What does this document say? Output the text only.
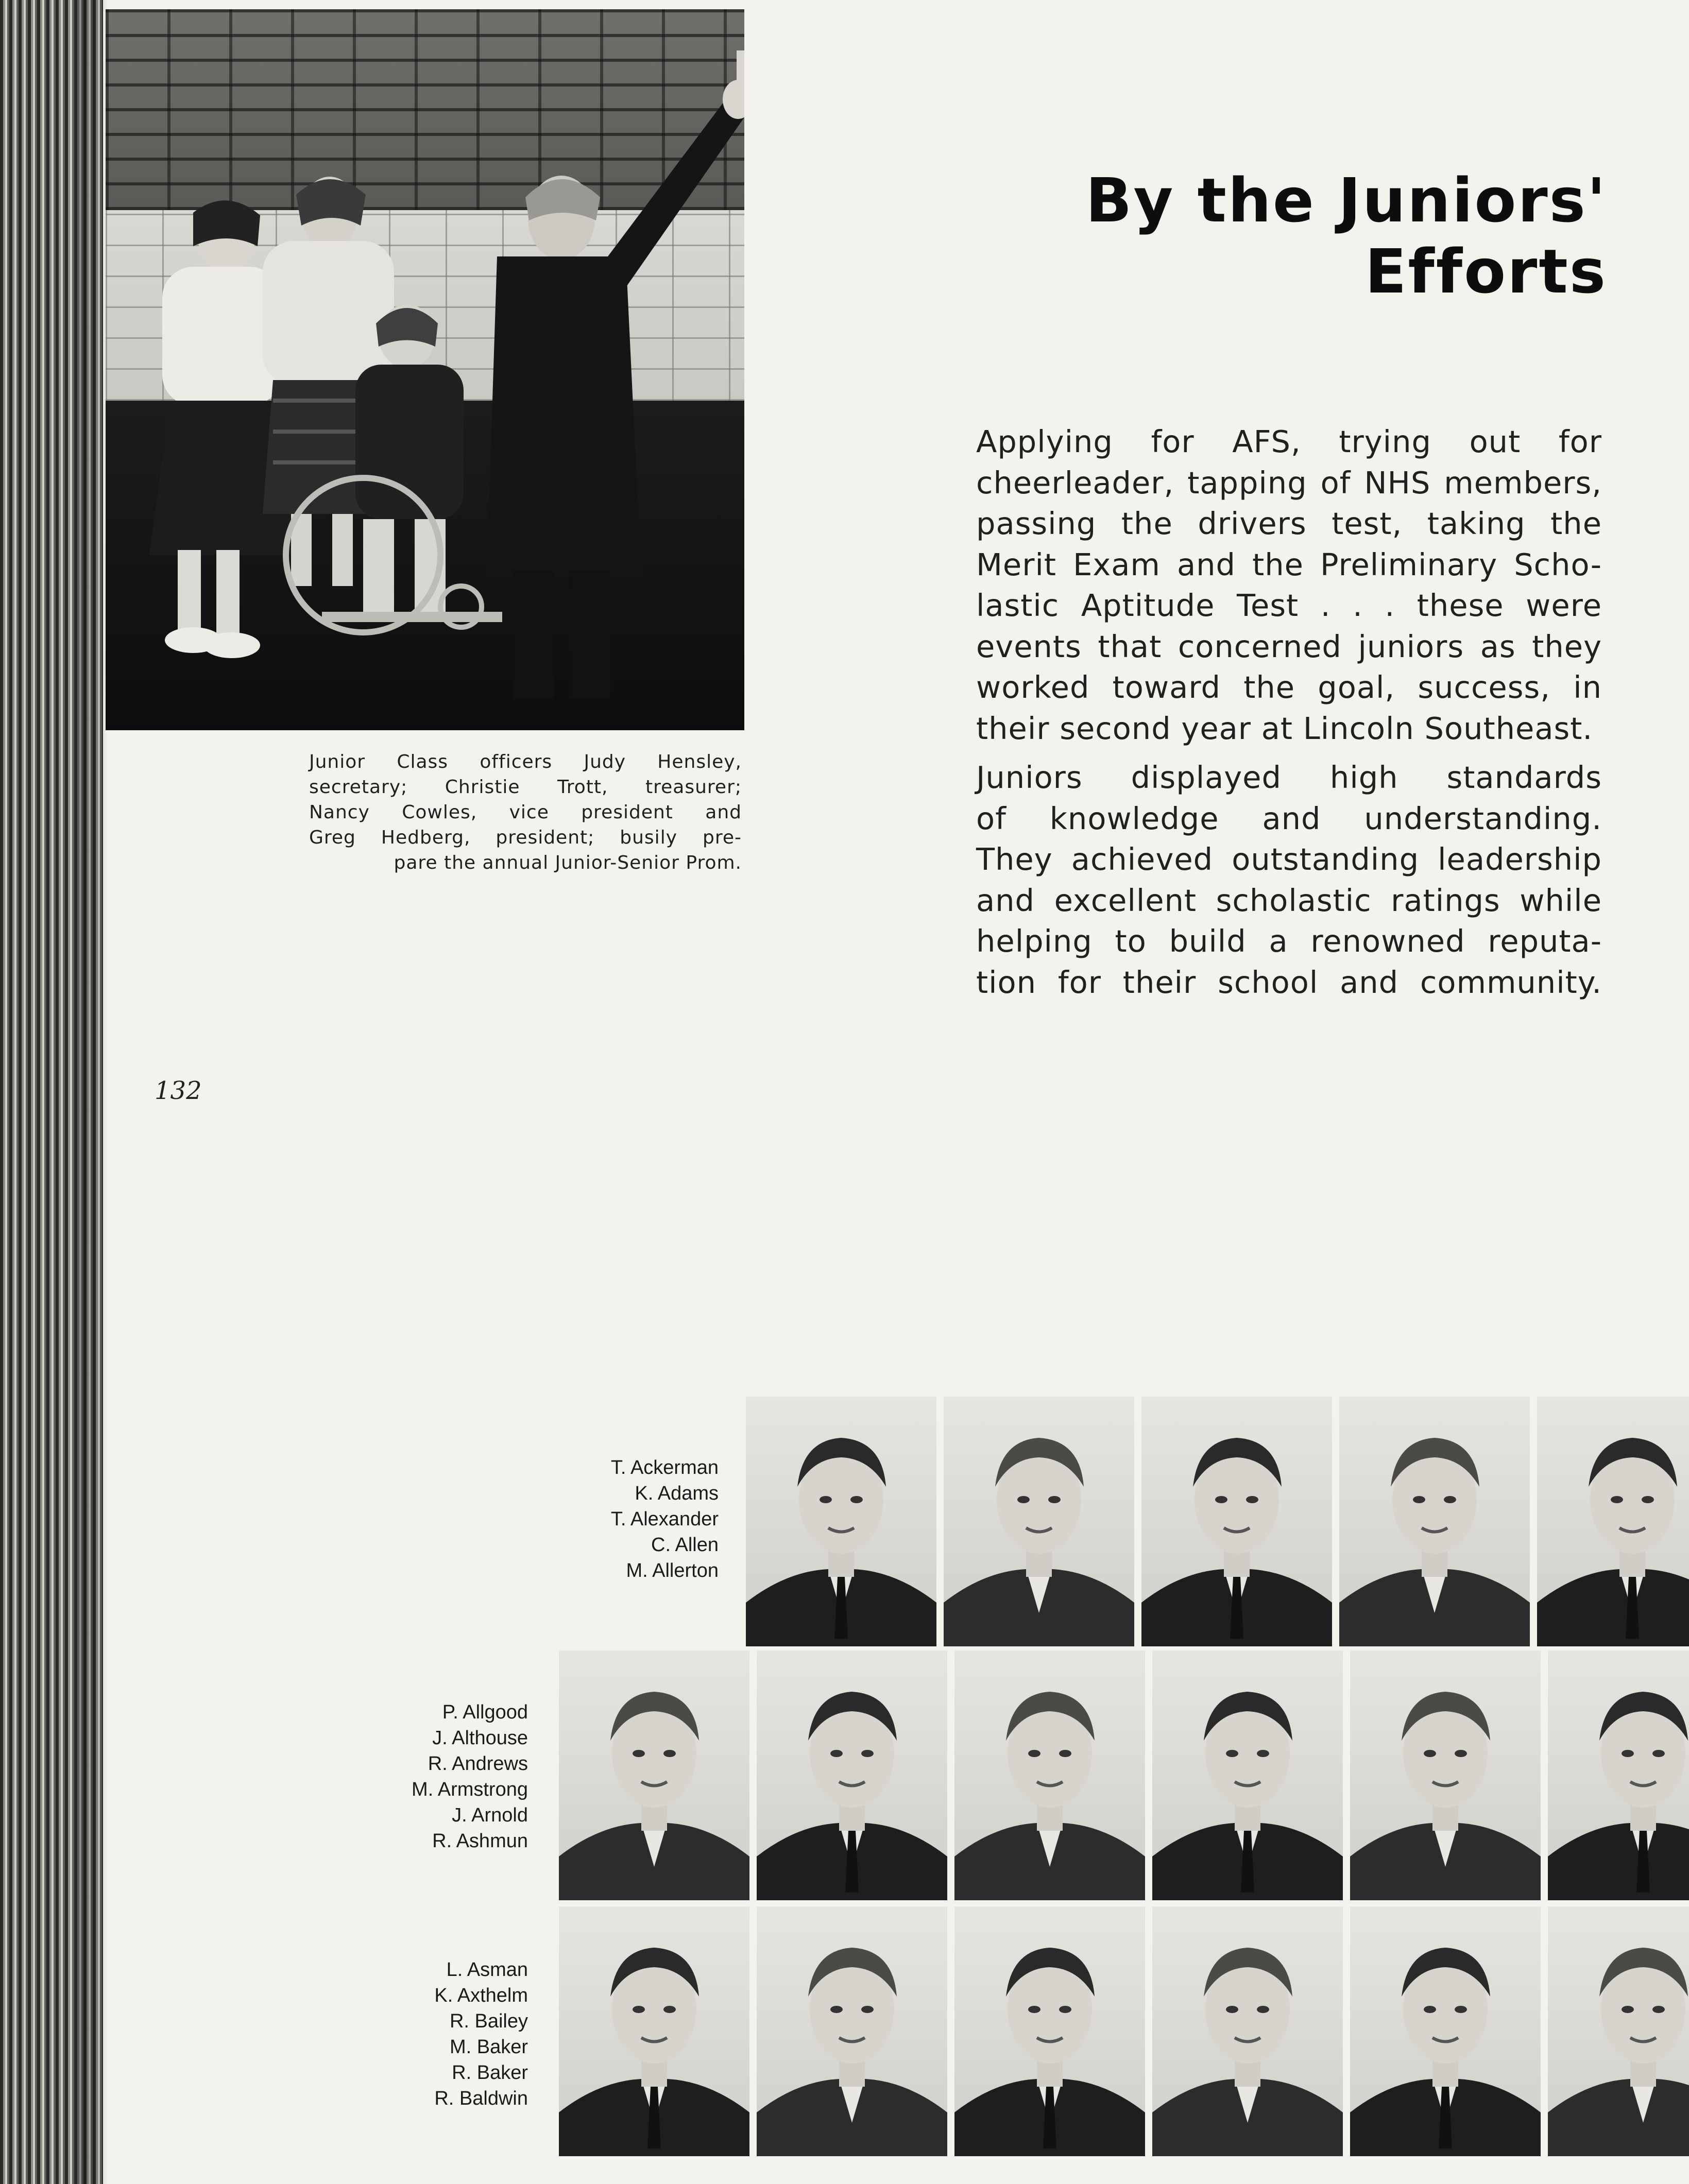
Junior Class officers Judy Hensley,
secretary; Christie Trott, treasurer;
Nancy Cowles, vice president and
Greg Hedberg, president; busily pre-
pare the annual Junior-Senior Prom.

By the Juniors' Efforts

Applying for AFS, trying out for
cheerleader, tapping of NHS members,
passing the drivers test, taking the
Merit Exam and the Preliminary Scho-
lastic Aptitude Test . . . these were
events that concerned juniors as they
worked toward the goal, success, in
their second year at Lincoln Southeast.

Juniors displayed high standards
of knowledge and understanding.
They achieved outstanding leadership
and excellent scholastic ratings while
helping to build a renowned reputa-
tion for their school and community.

132
T. Ackerman
K. Adams
T. Alexander
C. Allen
M. Allerton
P. Allgood
J. Althouse
R. Andrews
M. Armstrong
J. Arnold
R. Ashmun
L. Asman
K. Axthelm
R. Bailey
M. Baker
R. Baker
R. Baldwin
